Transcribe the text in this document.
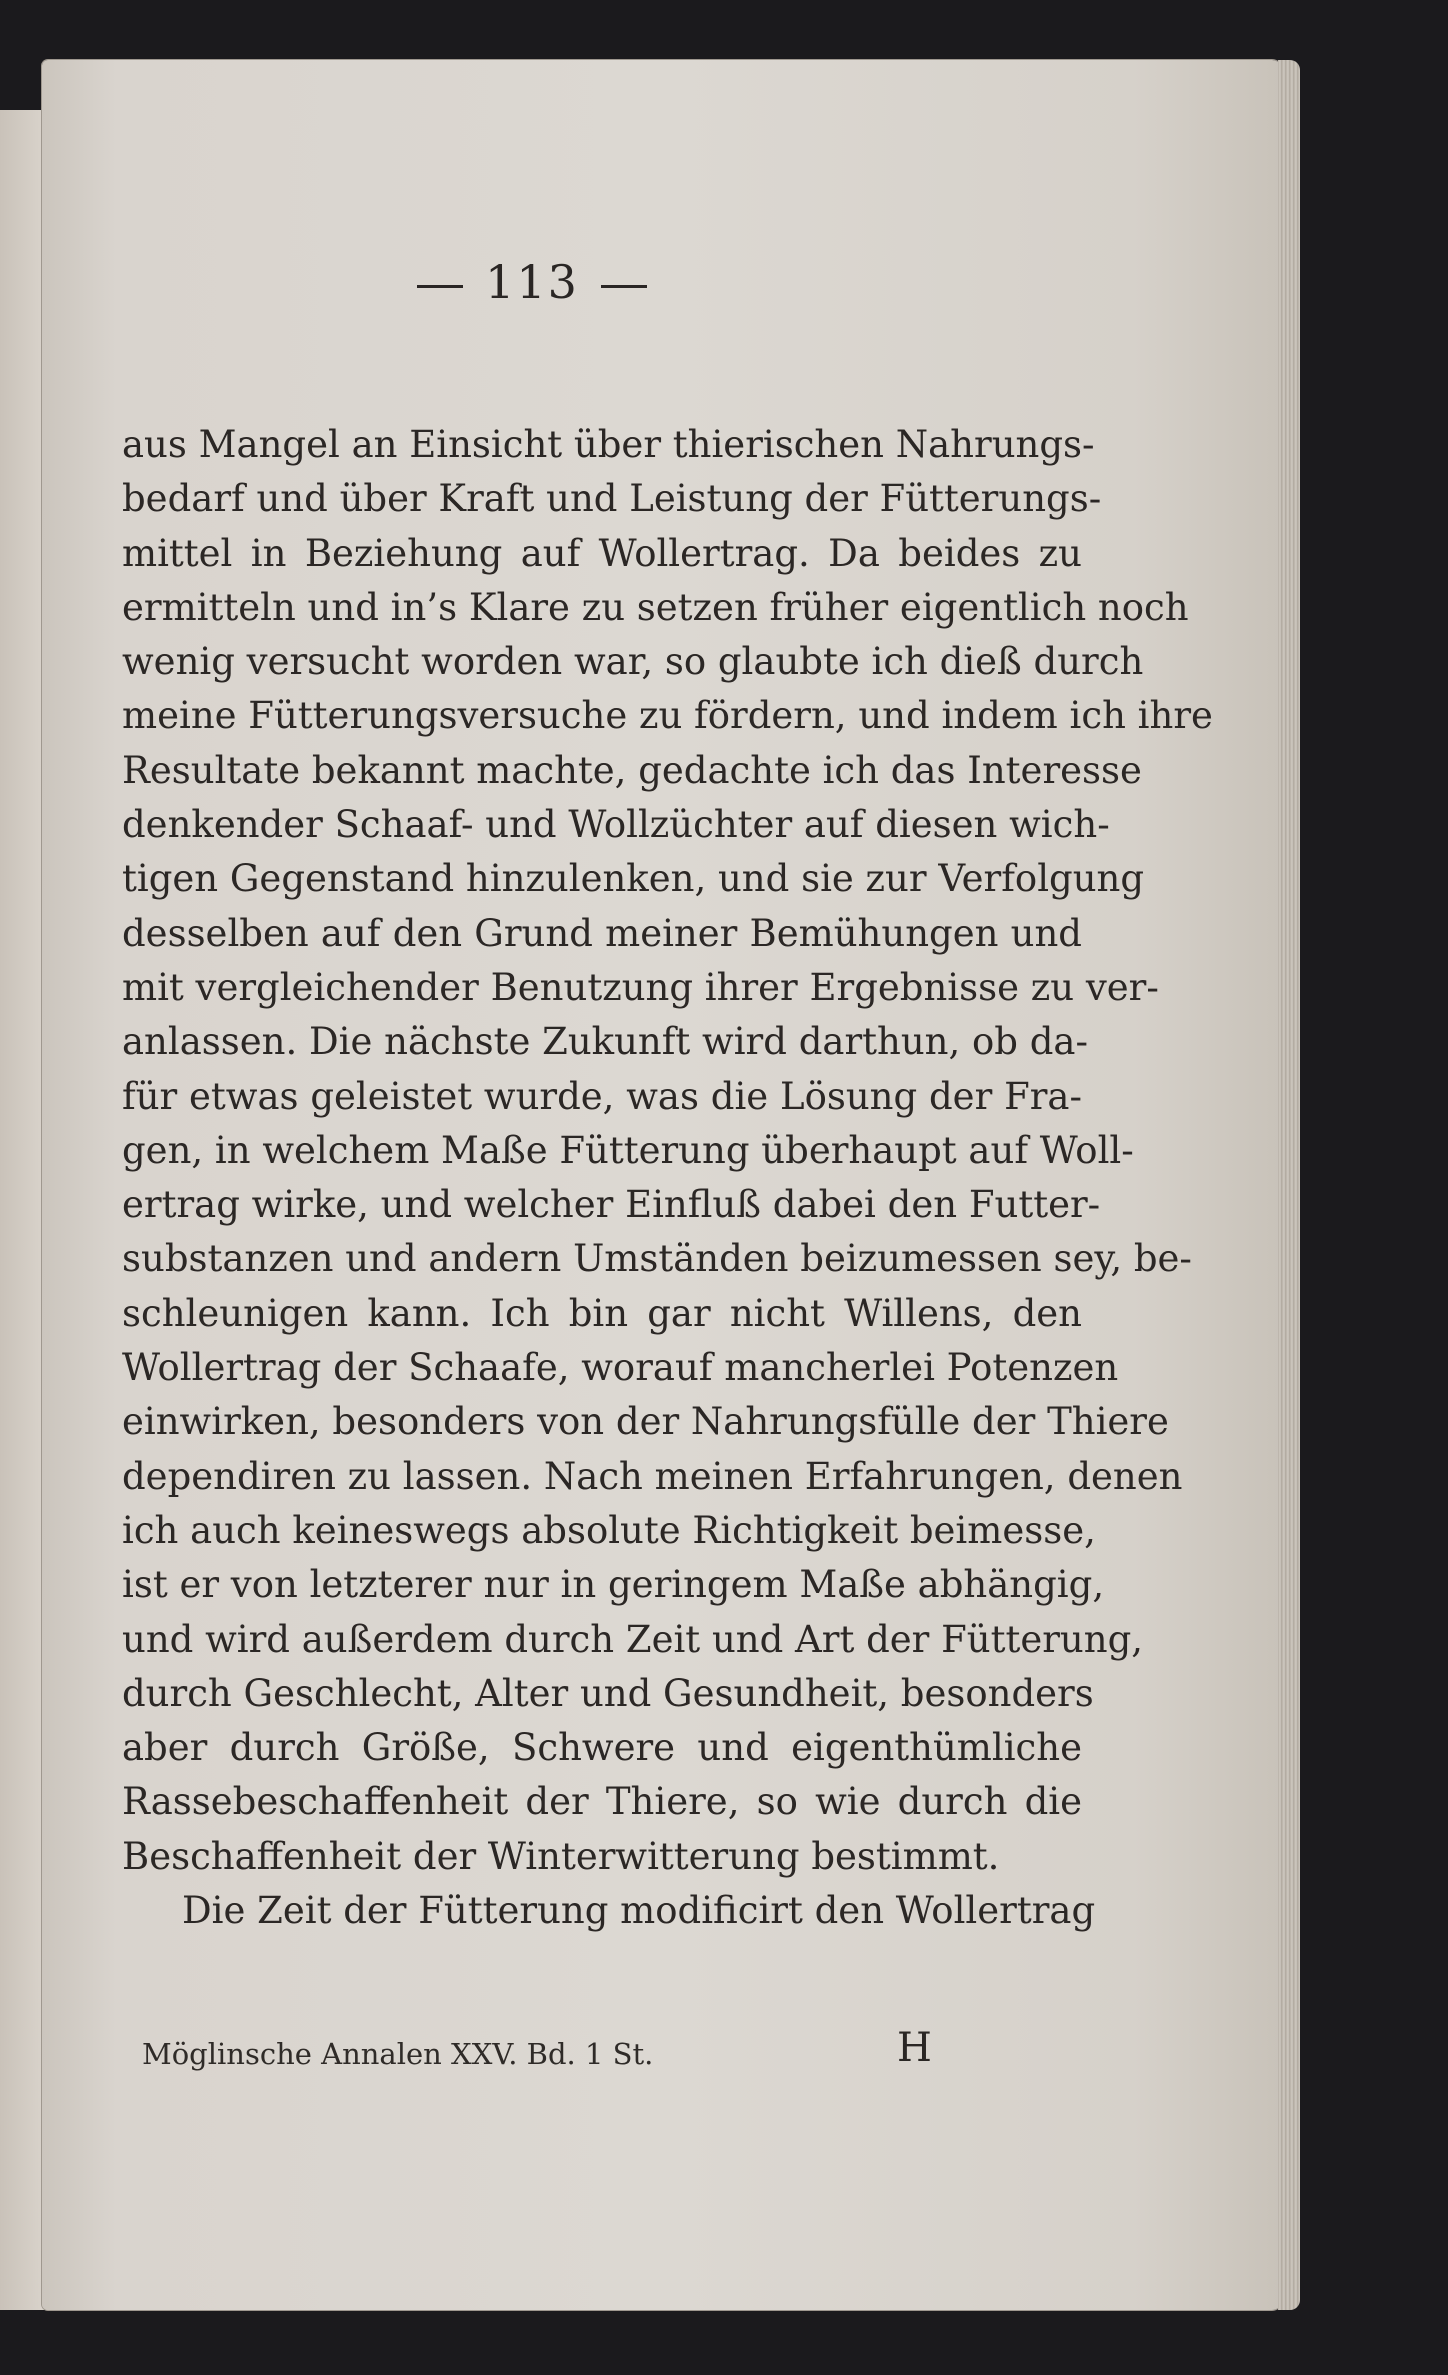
113
aus Mangel an Einsicht über thierischen Nahrungs-
bedarf und über Kraft und Leistung der Fütterungs-
mittel in Beziehung auf Wollertrag. Da beides zu
ermitteln und in’s Klare zu setzen früher eigentlich noch
wenig versucht worden war, so glaubte ich dieß durch
meine Fütterungsversuche zu fördern, und indem ich ihre
Resultate bekannt machte, gedachte ich das Interesse
denkender Schaaf- und Wollzüchter auf diesen wich-
tigen Gegenstand hinzulenken, und sie zur Verfolgung
desselben auf den Grund meiner Bemühungen und
mit vergleichender Benutzung ihrer Ergebnisse zu ver-
anlassen. Die nächste Zukunft wird darthun, ob da-
für etwas geleistet wurde, was die Lösung der Fra-
gen, in welchem Maße Fütterung überhaupt auf Woll-
ertrag wirke, und welcher Einfluß dabei den Futter-
substanzen und andern Umständen beizumessen sey, be-
schleunigen kann. Ich bin gar nicht Willens, den
Wollertrag der Schaafe, worauf mancherlei Potenzen
einwirken, besonders von der Nahrungsfülle der Thiere
dependiren zu lassen. Nach meinen Erfahrungen, denen
ich auch keineswegs absolute Richtigkeit beimesse,
ist er von letzterer nur in geringem Maße abhängig,
und wird außerdem durch Zeit und Art der Fütterung,
durch Geschlecht, Alter und Gesundheit, besonders
aber durch Größe, Schwere und eigenthümliche
Rassebeschaffenheit der Thiere, so wie durch die
Beschaffenheit der Winterwitterung bestimmt.
Die Zeit der Fütterung modificirt den Wollertrag
Möglinsche Annalen XXV. Bd. 1 St.	H
